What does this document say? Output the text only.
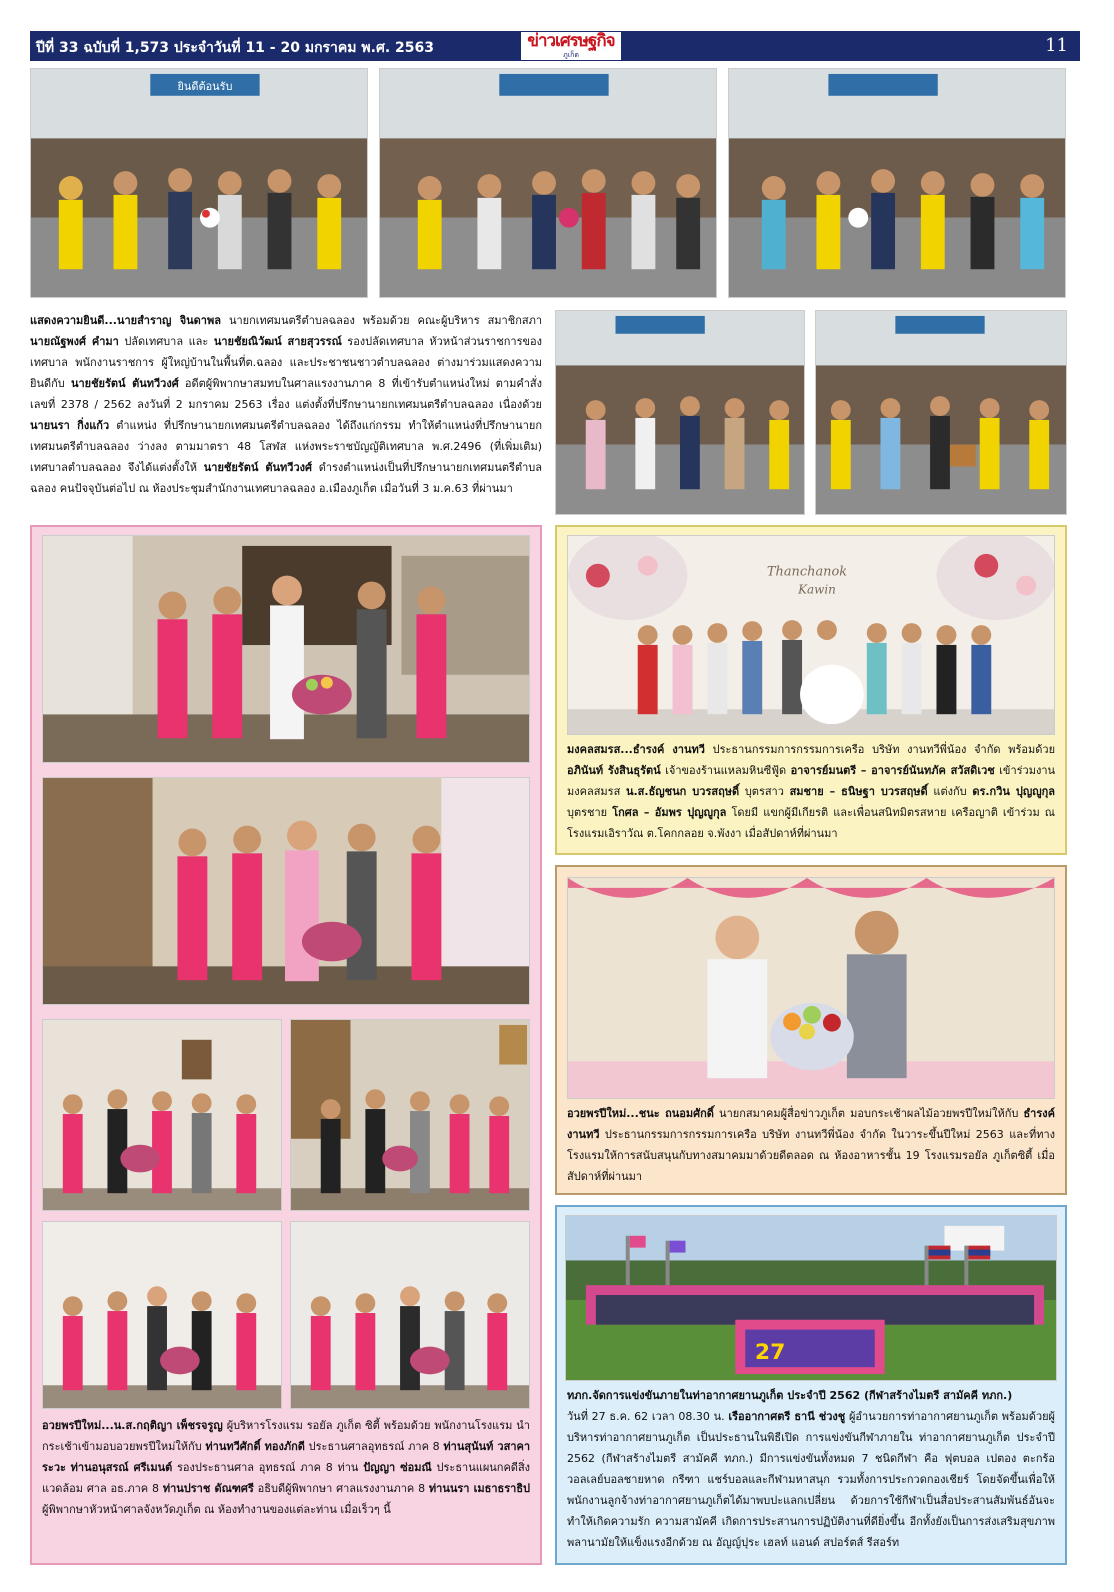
ปีที่ 33 ฉบับที่ 1,573 ประจำวันที่ 11 - 20 มกราคม พ.ศ. 2563	ข่าวเศรษฐกิจ
ภูเก็ต	11
ยินดีต้อนรับ
แสดงความยินดี...นายสำราญ จินดาพล นายกเทศมนตรีตำบลฉลอง พร้อมด้วย คณะผู้บริหาร สมาชิกสภา นายณัฐพงศ์ คำมา ปลัดเทศบาล และ นายชัยณิวัฒน์ สายสุวรรณ์ รองปลัดเทศบาล หัวหน้าส่วนราชการของเทศบาล พนักงานราชการ ผู้ใหญ่บ้านในพื้นที่ต.ฉลอง และประชาชนชาวตำบลฉลอง ต่างมาร่วมแสดงความยินดีกับ นายชัยรัตน์ ตันทวีวงศ์ อดีตผู้พิพากษาสมทบในศาลแรงงานภาค 8 ที่เข้ารับตำแหน่งใหม่ ตามคำสั่งเลขที่ 2378 / 2562 ลงวันที่ 2 มกราคม 2563 เรื่อง แต่งตั้งที่ปรึกษานายกเทศมนตรีตำบลฉลอง เนื่องด้วย นายนรา กิ่งแก้ว ตำแหน่ง ที่ปรึกษานายกเทศมนตรีตำบลฉลอง ได้ถึงแก่กรรม ทำให้ตำแหน่งที่ปรึกษานายกเทศมนตรีตำบลฉลอง ว่างลง ตามมาตรา 48 โสฬส แห่งพระราชบัญญัติเทศบาล พ.ศ.2496 (ที่เพิ่มเติม) เทศบาลตำบลฉลอง จึงได้แต่งตั้งให้ นายชัยรัตน์ ตันทวีวงศ์ ดำรงตำแหน่งเป็นที่ปรึกษานายกเทศมนตรีตำบลฉลอง คนปัจจุบันต่อไป ณ ห้องประชุมสำนักงานเทศบาลฉลอง อ.เมืองภูเก็ต เมื่อวันที่ 3 ม.ค.63 ที่ผ่านมา
อวยพรปีใหม่...น.ส.กฤติญา เพ็ชรจรูญ ผู้บริหารโรงแรม รอยัล ภูเก็ต ซิตี้ พร้อมด้วย พนักงานโรงแรม นำกระเช้าเข้ามอบอวยพรปีใหม่ให้กับ ท่านทวีศักดิ์ ทองภักดี ประธานศาลอุทธรณ์ ภาค 8 ท่านสุนันท์ วสาคาระวะ ท่านอนุสรณ์ ศรีเมนต์ รองประธานศาล อุทธรณ์ ภาค 8 ท่าน ปัญญา ซ่อมณี ประธานแผนกคดีสิ่งแวดล้อม ศาล อธ.ภาค 8 ท่านปราช ดัณฑศรี อธิบดีผู้พิพากษา ศาลแรงงานภาค 8 ท่านนรา เมธาธราธิป ผู้พิพากษาหัวหน้าศาลจังหวัดภูเก็ต ณ ห้องทำงานของแต่ละท่าน เมื่อเร็วๆ นี้
Thanchanok
Kawin
มงคลสมรส...ธำรงค์ งานทวี ประธานกรรมการกรรมการเครือ บริษัท งานทวีพี่น้อง จำกัด พร้อมด้วย อภินันท์ รังสินธุรัตน์ เจ้าของร้านแหลมหินซีฟู้ด อาจารย์มนตรี – อาจารย์นันทภัค สวัสดิเวช เข้าร่วมงานมงคลสมรส น.ส.ธัญชนก บวรสฤษดิ์ บุตรสาว สมชาย – ธนิษฐา บวรสฤษดิ์ แต่งกับ ดร.กวิน ปุญญูกุล บุตรชาย โกศล – อัมพร ปุญญูกุล โดยมี แขกผู้มีเกียรติ และเพื่อนสนิทมิตรสหาย เครือญาติ เข้าร่วม ณ โรงแรมเอิราวัณ ต.โคกกลอย จ.พังงา เมื่อสัปดาห์ที่ผ่านมา
อวยพรปีใหม่...ชนะ ถนอมศักดิ์ นายกสมาคมผู้สื่อข่าวภูเก็ต มอบกระเช้าผลไม้อวยพรปีใหม่ให้กับ ธำรงค์ งานทวี ประธานกรรมการกรรมการเครือ บริษัท งานทวีพี่น้อง จำกัด ในวาระขึ้นปีใหม่ 2563 และที่ทางโรงแรมให้การสนับสนุนกับทางสมาคมมาด้วยดีตลอด ณ ห้องอาหารชั้น 19 โรงแรมรอยัล ภูเก็ตซิตี้ เมื่อสัปดาห์ที่ผ่านมา
27
ทภก.จัดการแข่งขันภายในท่าอากาศยานภูเก็ต ประจำปี 2562 (กีฬาสร้างไมตรี สามัคคี ทภก.)
วันที่ 27 ธ.ค. 62 เวลา 08.30 น. เรืออากาศตรี ธานี ช่วงชู ผู้อำนวยการท่าอากาศยานภูเก็ต พร้อมด้วยผู้บริหารท่าอากาศยานภูเก็ต เป็นประธานในพิธีเปิด การแข่งขันกีฬาภายใน ท่าอากาศยานภูเก็ต ประจำปี 2562 (กีฬาสร้างไมตรี สามัคคี ทภก.) มีการแข่งขันทั้งหมด 7 ชนิดกีฬา คือ ฟุตบอล เปตอง ตะกร้อ วอลเลย์บอลชายหาด กรีฑา แชร์บอลและกีฬามหาสนุก รวมทั้งการประกวดกองเชียร์ โดยจัดขึ้นเพื่อให้พนักงานลูกจ้างท่าอากาศยานภูเก็ตได้มาพบปะแลกเปลี่ยน ด้วยการใช้กีฬาเป็นสื่อประสานสัมพันธ์อันจะทำให้เกิดความรัก ความสามัคคี เกิดการประสานการปฏิบัติงานที่ดียิ่งขึ้น อีกทั้งยังเป็นการส่งเสริมสุขภาพพลานามัยให้แข็งแรงอีกด้วย ณ อัญญ์ปุระ เฮลท์ แอนด์ สปอร์ตส์ รีสอร์ท
